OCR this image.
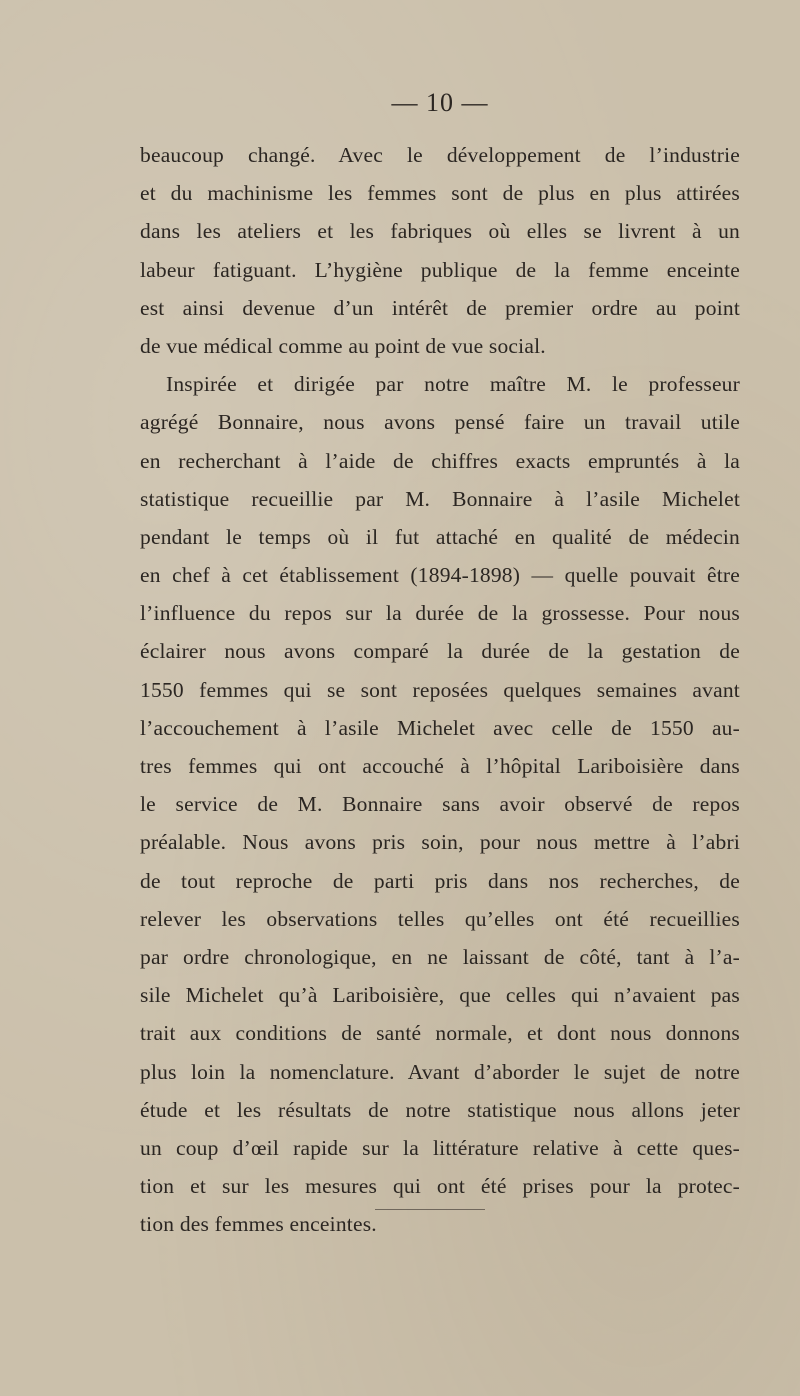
— 10 —
beaucoup changé. Avec le développement de l’industrie
et du machinisme les femmes sont de plus en plus attirées
dans les ateliers et les fabriques où elles se livrent à un
labeur fatiguant. L’hygiène publique de la femme enceinte
est ainsi devenue d’un intérêt de premier ordre au point
de vue médical comme au point de vue social.
Inspirée et dirigée par notre maître M. le professeur
agrégé Bonnaire, nous avons pensé faire un travail utile
en recherchant à l’aide de chiffres exacts empruntés à la
statistique recueillie par M. Bonnaire à l’asile Michelet
pendant le temps où il fut attaché en qualité de médecin
en chef à cet établissement (1894-1898) — quelle pouvait être
l’influence du repos sur la durée de la grossesse. Pour nous
éclairer nous avons comparé la durée de la gestation de
1550 femmes qui se sont reposées quelques semaines avant
l’accouchement à l’asile Michelet avec celle de 1550 au-
tres femmes qui ont accouché à l’hôpital Lariboisière dans
le service de M. Bonnaire sans avoir observé de repos
préalable. Nous avons pris soin, pour nous mettre à l’abri
de tout reproche de parti pris dans nos recherches, de
relever les observations telles qu’elles ont été recueillies
par ordre chronologique, en ne laissant de côté, tant à l’a-
sile Michelet qu’à Lariboisière, que celles qui n’avaient pas
trait aux conditions de santé normale, et dont nous donnons
plus loin la nomenclature. Avant d’aborder le sujet de notre
étude et les résultats de notre statistique nous allons jeter
un coup d’œil rapide sur la littérature relative à cette ques-
tion et sur les mesures qui ont été prises pour la protec-
tion des femmes enceintes.
